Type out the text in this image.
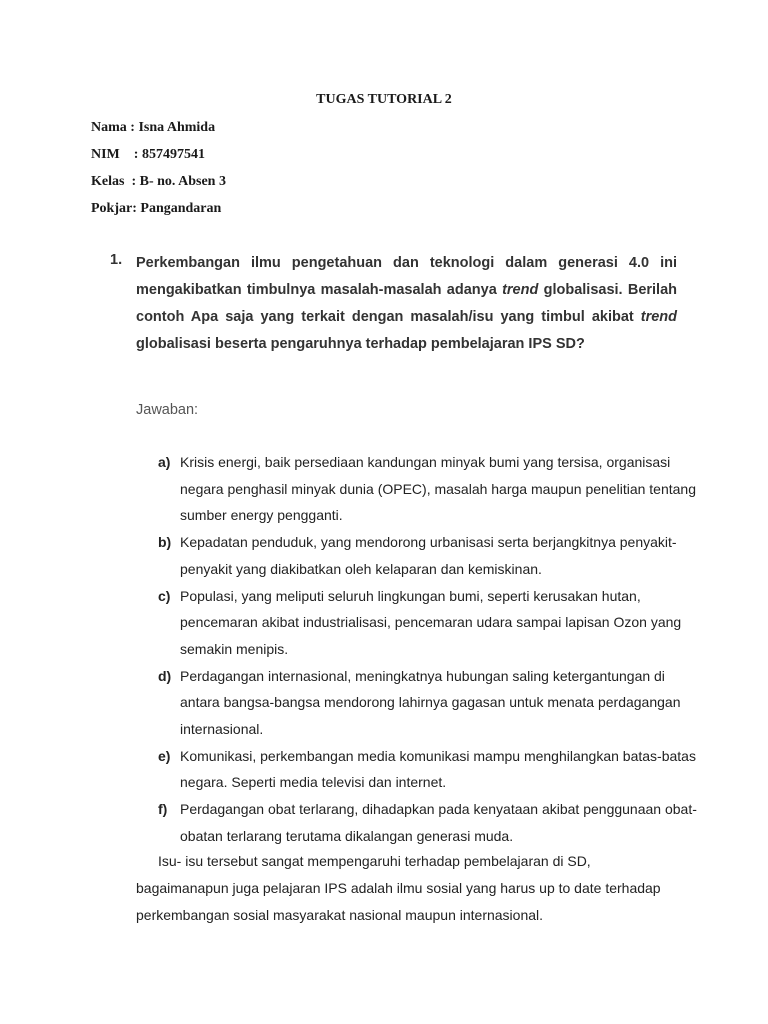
TUGAS TUTORIAL 2
Nama : Isna Ahmida
NIM    : 857497541
Kelas  : B- no. Absen 3
Pokjar: Pangandaran
1. Perkembangan ilmu pengetahuan dan teknologi dalam generasi 4.0 ini mengakibatkan timbulnya masalah-masalah adanya trend globalisasi. Berilah contoh Apa saja yang terkait dengan masalah/isu yang timbul akibat trend globalisasi beserta pengaruhnya terhadap pembelajaran IPS SD?
Jawaban:
a) Krisis energi, baik persediaan kandungan minyak bumi yang tersisa, organisasi negara penghasil minyak dunia (OPEC), masalah harga maupun penelitian tentang sumber energy pengganti.
b) Kepadatan penduduk, yang mendorong urbanisasi serta berjangkitnya penyakit-penyakit yang diakibatkan oleh kelaparan dan kemiskinan.
c) Populasi, yang meliputi seluruh lingkungan bumi, seperti kerusakan hutan, pencemaran akibat industrialisasi, pencemaran udara sampai lapisan Ozon yang semakin menipis.
d) Perdagangan internasional, meningkatnya hubungan saling ketergantungan di antara bangsa-bangsa mendorong lahirnya gagasan untuk menata perdagangan internasional.
e) Komunikasi, perkembangan media komunikasi mampu menghilangkan batas-batas negara. Seperti media televisi dan internet.
f) Perdagangan obat terlarang, dihadapkan pada kenyataan akibat penggunaan obat-obatan terlarang terutama dikalangan generasi muda.
Isu- isu tersebut sangat mempengaruhi terhadap pembelajaran di SD, bagaimanapun juga pelajaran IPS adalah ilmu sosial yang harus up to date terhadap perkembangan sosial masyarakat nasional maupun internasional.
